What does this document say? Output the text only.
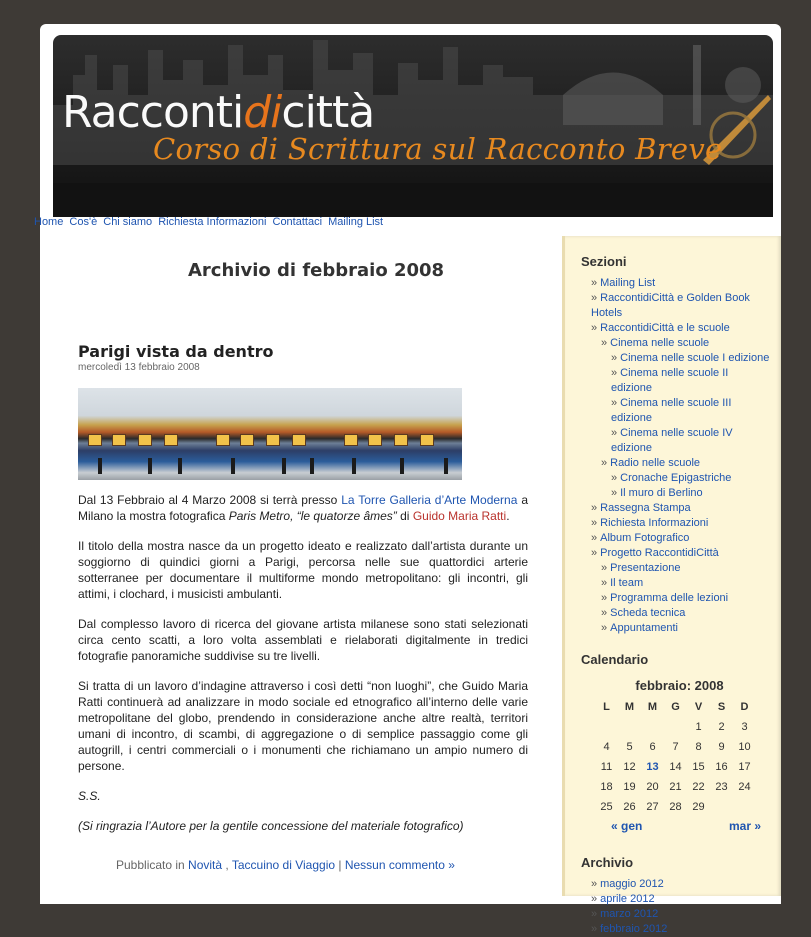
Raccontidicittà
Corso di Scrittura sul Racconto Breve
Home Cos'è Chi siamo Richiesta Informazioni Contattaci Mailing List
Archivio di febbraio 2008
Parigi vista da dentro
mercoledì 13 febbraio 2008

Dal 13 Febbraio al 4 Marzo 2008 si terrà presso La Torre Galleria d’Arte Moderna a Milano la mostra fotografica Paris Metro, “le quatorze âmes” di Guido Maria Ratti.

Il titolo della mostra nasce da un progetto ideato e realizzato dall’artista durante un soggiorno di quindici giorni a Parigi, percorsa nelle sue quattordici arterie sotterranee per documentare il multiforme mondo metropolitano: gli incontri, gli attimi, i clochard, i musicisti ambulanti.

Dal complesso lavoro di ricerca del giovane artista milanese sono stati selezionati circa cento scatti, a loro volta assemblati e rielaborati digitalmente in tredici fotografie panoramiche suddivise su tre livelli.

Si tratta di un lavoro d’indagine attraverso i così detti “non luoghi”, che Guido Maria Ratti continuerà ad analizzare in modo sociale ed etnografico all’interno delle varie metropolitane del globo, prendendo in considerazione anche altre realtà, territori umani di incontro, di scambi, di aggregazione o di semplice passaggio come gli autogrill, i centri commerciali o i monumenti che richiamano un ampio numero di persone.

S.S.

(Si ringrazia l’Autore per la gentile concessione del materiale fotografico)

Pubblicato in Novità , Taccuino di Viaggio | Nessun commento »
Sezioni
» Mailing List
» RaccontidiCittà e Golden Book Hotels
» RaccontidiCittà e le scuole
» Cinema nelle scuole
» Cinema nelle scuole I edizione
» Cinema nelle scuole II edizione
» Cinema nelle scuole III edizione
» Cinema nelle scuole IV edizione
» Radio nelle scuole
» Cronache Epigastriche
» Il muro di Berlino
» Rassegna Stampa
» Richiesta Informazioni
» Album Fotografico
» Progetto RaccontidiCittà
» Presentazione
» Il team
» Programma delle lezioni
» Scheda tecnica
» Appuntamenti
Calendario
febbraio: 2008
L	M	M	G	V	S	D
				1	2	3
4	5	6	7	8	9	10
11	12	13	14	15	16	17
18	19	20	21	22	23	24
25	26	27	28	29		
« gen	mar »
Archivio
» maggio 2012
» aprile 2012
» marzo 2012
» febbraio 2012
